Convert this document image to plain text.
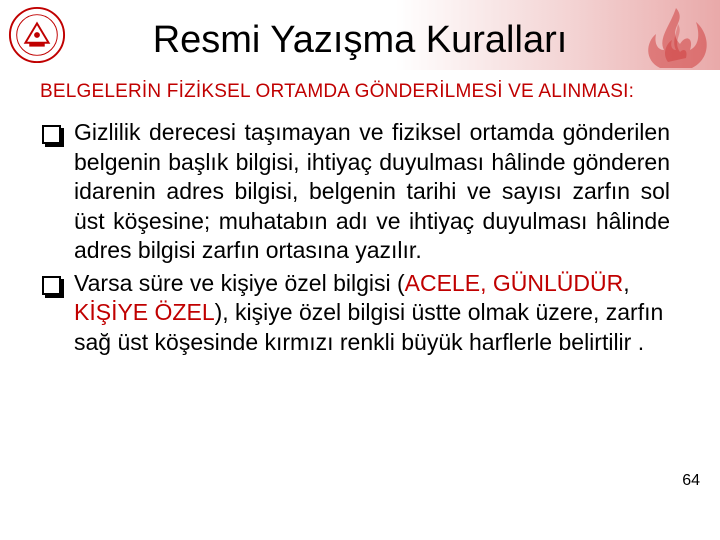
Resmi Yazışma Kuralları
BELGELERİN FİZİKSEL ORTAMDA GÖNDERİLMESİ VE ALINMASI:
Gizlilik derecesi taşımayan ve fiziksel ortamda gönderilen belgenin başlık bilgisi, ihtiyaç duyulması hâlinde gönderen idarenin adres bilgisi, belgenin tarihi ve sayısı zarfın sol üst köşesine; muhatabın adı ve ihtiyaç duyulması hâlinde adres bilgisi zarfın ortasına yazılır.
Varsa süre ve kişiye özel bilgisi (ACELE, GÜNLÜDÜR, KİŞİYE ÖZEL), kişiye özel bilgisi üstte olmak üzere, zarfın sağ üst köşesinde kırmızı renkli büyük harflerle belirtilir .
64
